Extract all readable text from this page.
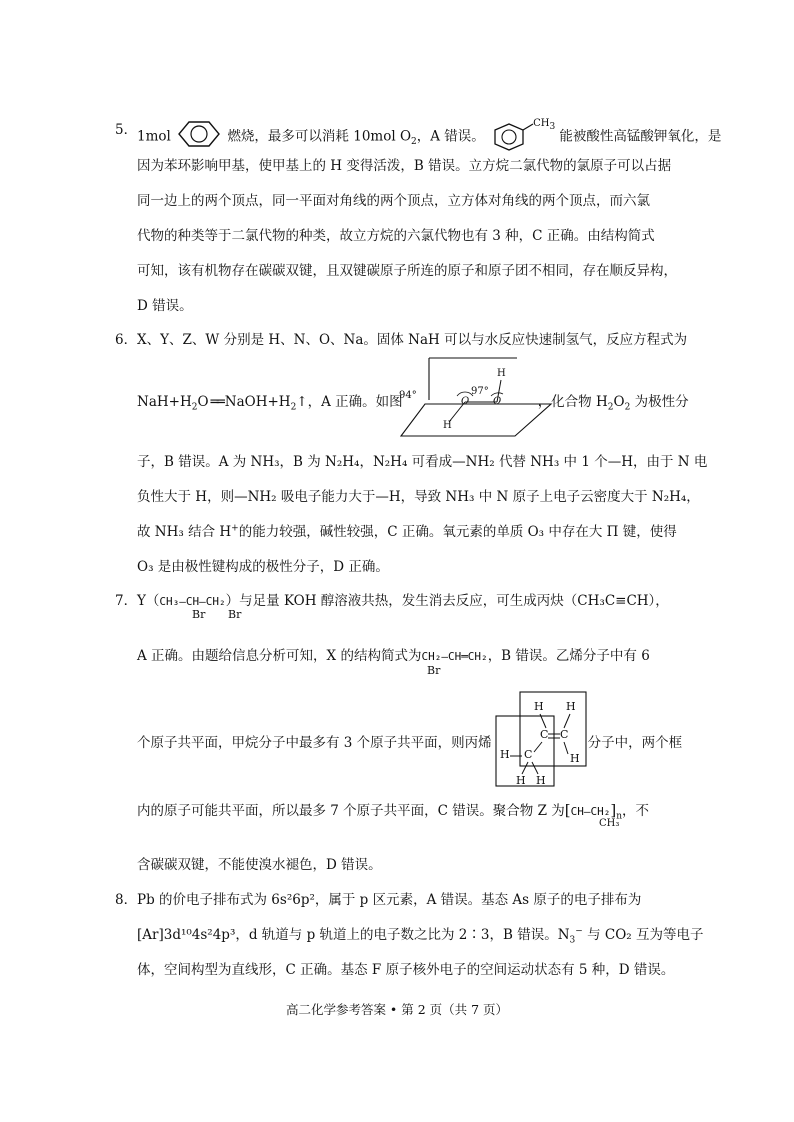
5． 1mol	燃烧，最多可以消耗 10mol $O_2$，A 错误。
$CH_3$
能被酸性高锰酸钾氧化，是
因为苯环影响甲基，使甲基上的 H 变得活泼，B 错误。立方烷二氯代物的氯原子可以占据
同一边上的两个顶点，同一平面对角线的两个顶点，立方体对角线的两个顶点，而六氯
代物的种类等于二氯代物的种类，故立方烷的六氯代物也有 3 种，C 正确。由结构简式
可知，该有机物存在碳碳双键，且双键碳原子所连的原子和原子团不相同，存在顺反异构，
D 错误。
6． X、Y、Z、W 分别是 H、N、O、Na。固体 NaH 可以与水反应快速制氢气，反应方程式为
$NaH+H_2O$ ══ $NaOH+H_2↑$，A 正确。如图	，化合物 $H_2O_2$ 为极性分
94°	97°
H
O O
H
子，B 错误。A 为 NH₃，B 为 N₂H₄，N₂H₄ 可看成—NH₂ 代替 NH₃ 中 1 个—H，由于 N 电
负性大于 H，则—NH₂ 吸电子能力大于—H，导致 NH₃ 中 N 原子上电子云密度大于 N₂H₄，
故 NH₃ 结合 H+的能力较强，碱性较强，C 正确。氧元素的单质 O₃ 中存在大 Π 键，使得
O₃ 是由极性键构成的极性分子，D 正确。
7． Y（CH₃—CH—CH₂）与足量 KOH 醇溶液共热，发生消去反应，可生成丙炔（CH₃C≡CH），
Br Br
A 正确。由题给信息分析可知，X 的结构简式为CH₂—CH═CH₂，B 错误。乙烯分子中有 6
Br
个原子共平面，甲烷分子中最多有 3 个原子共平面，则丙烯	分子中，两个框
H H
C C
H
H C
H H
内的原子可能共平面，所以最多 7 个原子共平面，C 错误。聚合物 Z 为$[CH—CH_2]_n$，不
CH₃
含碳碳双键，不能使溴水褪色，D 错误。
8． Pb 的价电子排布式为 6s²6p²，属于 p 区元素，A 错误。基态 As 原子的电子排布为
[Ar]3d¹⁰4s²4p³，d 轨道与 p 轨道上的电子数之比为 2∶3，B 错误。$N_3^-$ 与 CO₂ 互为等电子
体，空间构型为直线形，C 正确。基态 F 原子核外电子的空间运动状态有 5 种，D 错误。
高二化学参考答案 • 第 2 页（共 7 页）
